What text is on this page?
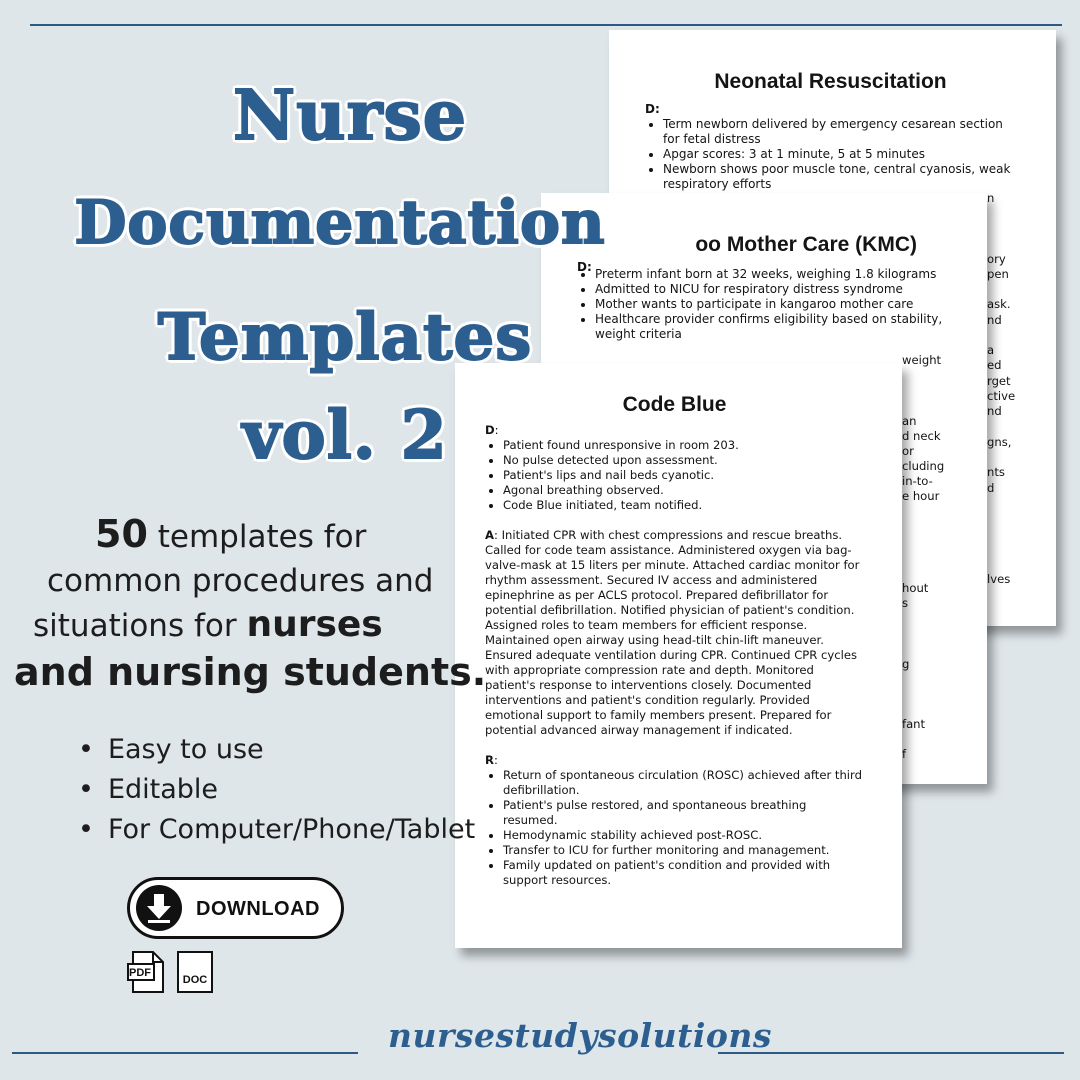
Neonatal Resuscitation

D:

• Term newborn delivered by emergency cesarean section for fetal distress
• Apgar scores: 3 at 1 minute, 5 at 5 minutes
• Newborn shows poor muscle tone, central cyanosis, weak respiratory efforts
n
ory
pen
ask.
nd
a
ed
rget
ctive
nd
oo Mother Care (KMC)
• Preterm infant born at 32 weeks, weighing 1.8 kilograms
• Admitted to NICU for respiratory distress syndrome
• Mother wants to participate in kangaroo mother care
• Healthcare provider confirms eligibility based on stability, weight criteria

D:

weight
an
d neck
or
cluding
in-to-
e hour
hout
s
g
fant
f
gns,
nts
d
lves
Code Blue

D:

• Patient found unresponsive in room 203.
• No pulse detected upon assessment.
• Patient's lips and nail beds cyanotic.
• Agonal breathing observed.
• Code Blue initiated, team notified.

A: Initiated CPR with chest compressions and rescue breaths. Called for code team assistance. Administered oxygen via bag-valve-mask at 15 liters per minute. Attached cardiac monitor for rhythm assessment. Secured IV access and administered epinephrine as per ACLS protocol. Prepared defibrillator for potential defibrillation. Notified physician of patient's condition. Assigned roles to team members for efficient response. Maintained open airway using head-tilt chin-lift maneuver. Ensured adequate ventilation during CPR. Continued CPR cycles with appropriate compression rate and depth. Monitored patient's response to interventions closely. Documented interventions and patient's condition regularly. Provided emotional support to family members present. Prepared for potential advanced airway management if indicated.

R:

• Return of spontaneous circulation (ROSC) achieved after third defibrillation.
• Patient's pulse restored, and spontaneous breathing resumed.
• Hemodynamic stability achieved post-ROSC.
• Transfer to ICU for further monitoring and management.
• Family updated on patient's condition and provided with support resources.
Nurse
Documentation
Templates
vol. 2

50 templates for

common procedures and

situations for nurses

and nursing students.

• Easy to use
• Editable
• For Computer/Phone/Tablet
DOWNLOAD
PDF
DOC

nursestudysolutions
